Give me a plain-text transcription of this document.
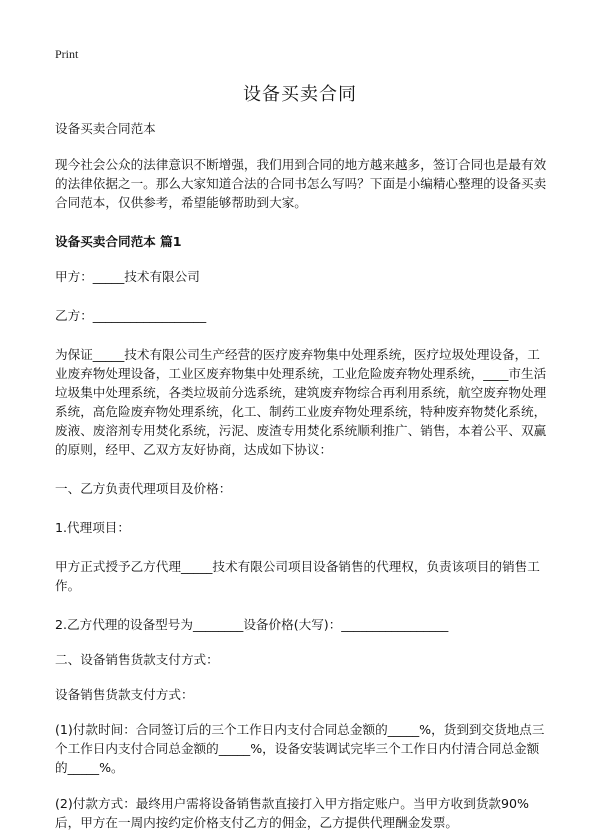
Print
设备买卖合同

设备买卖合同范本

现今社会公众的法律意识不断增强，我们用到合同的地方越来越多，签订合同也是最有效的法律依据之一。那么大家知道合法的合同书怎么写吗？下面是小编精心整理的设备买卖合同范本，仅供参考，希望能够帮助到大家。

设备买卖合同范本 篇1

甲方：_____技术有限公司

乙方：__________________

为保证_____技术有限公司生产经营的医疗废弃物集中处理系统，医疗垃圾处理设备，工业废弃物处理设备，工业区废弃物集中处理系统，工业危险废弃物处理系统，____市生活垃圾集中处理系统，各类垃圾前分选系统，建筑废弃物综合再利用系统，航空废弃物处理系统，高危险废弃物处理系统，化工、制药工业废弃物处理系统，特种废弃物焚化系统，废液、废溶剂专用焚化系统，污泥、废渣专用焚化系统顺利推广、销售，本着公平、双赢的原则，经甲、乙双方友好协商，达成如下协议：

一、乙方负责代理项目及价格：

1.代理项目：

甲方正式授予乙方代理_____技术有限公司项目设备销售的代理权，负责该项目的销售工作。

2.乙方代理的设备型号为________设备价格(大写)：_________________

二、设备销售货款支付方式：

设备销售货款支付方式：

(1)付款时间：合同签订后的三个工作日内支付合同总金额的_____%，货到到交货地点三个工作日内支付合同总金额的_____%，设备安装调试完毕三个工作日内付清合同总金额的_____%。

(2)付款方式：最终用户需将设备销售款直接打入甲方指定账户。当甲方收到货款90%后，甲方在一周内按约定价格支付乙方的佣金，乙方提供代理酬金发票。
